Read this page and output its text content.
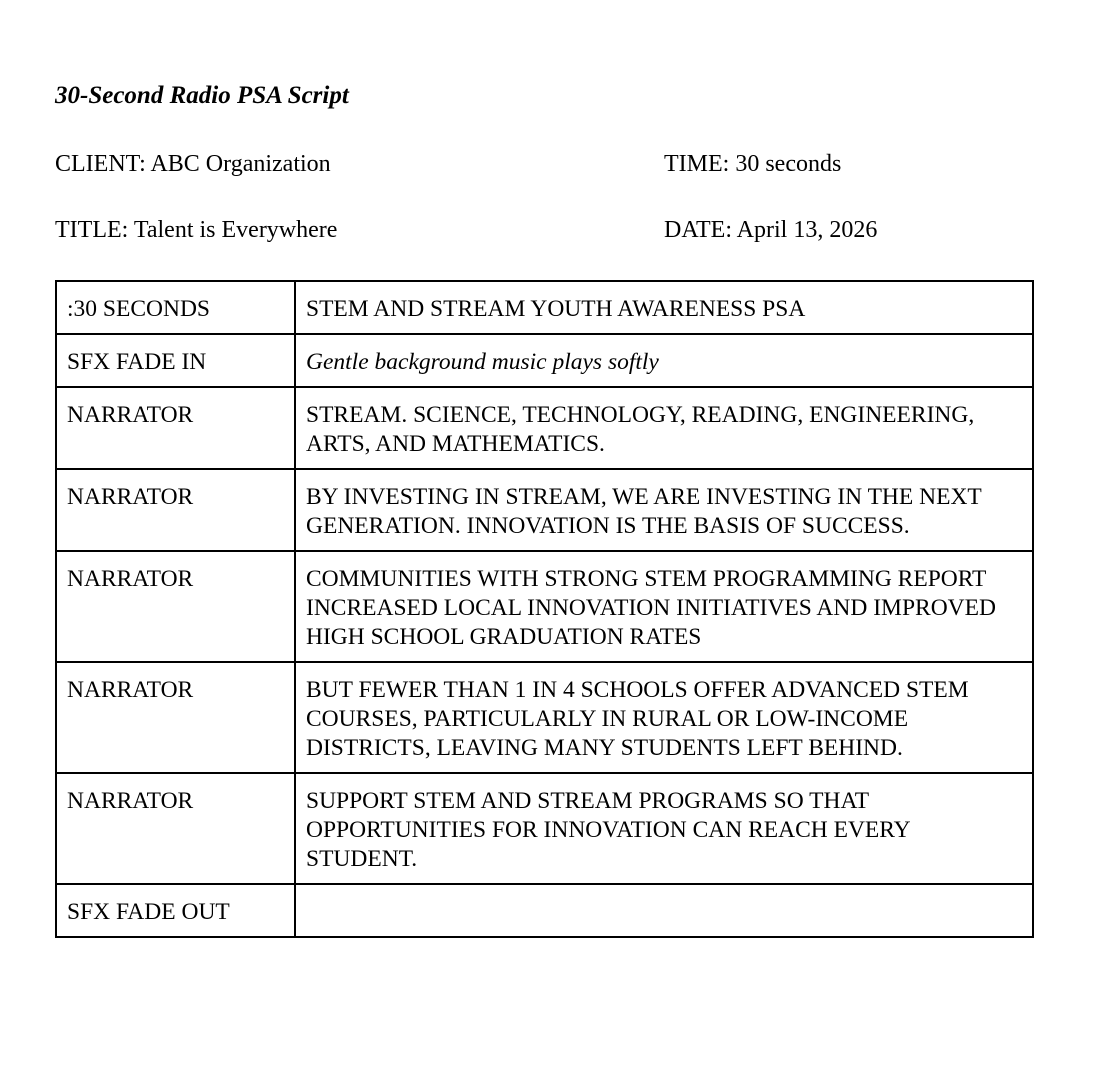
30-Second Radio PSA Script
CLIENT: ABC Organization	TIME: 30 seconds
TITLE: Talent is Everywhere	DATE: April 13, 2026
:30 SECONDS	STEM AND STREAM YOUTH AWARENESS PSA
SFX FADE IN	Gentle background music plays softly
NARRATOR	STREAM. SCIENCE, TECHNOLOGY, READING, ENGINEERING, ARTS, AND MATHEMATICS.
NARRATOR	BY INVESTING IN STREAM, WE ARE INVESTING IN THE NEXT GENERATION. INNOVATION IS THE BASIS OF SUCCESS.
NARRATOR	COMMUNITIES WITH STRONG STEM PROGRAMMING REPORT INCREASED LOCAL INNOVATION INITIATIVES AND IMPROVED HIGH SCHOOL GRADUATION RATES
NARRATOR	BUT FEWER THAN 1 IN 4 SCHOOLS OFFER ADVANCED STEM COURSES, PARTICULARLY IN RURAL OR LOW-INCOME DISTRICTS, LEAVING MANY STUDENTS LEFT BEHIND.
NARRATOR	SUPPORT STEM AND STREAM PROGRAMS SO THAT OPPORTUNITIES FOR INNOVATION CAN REACH EVERY STUDENT.
SFX FADE OUT	
